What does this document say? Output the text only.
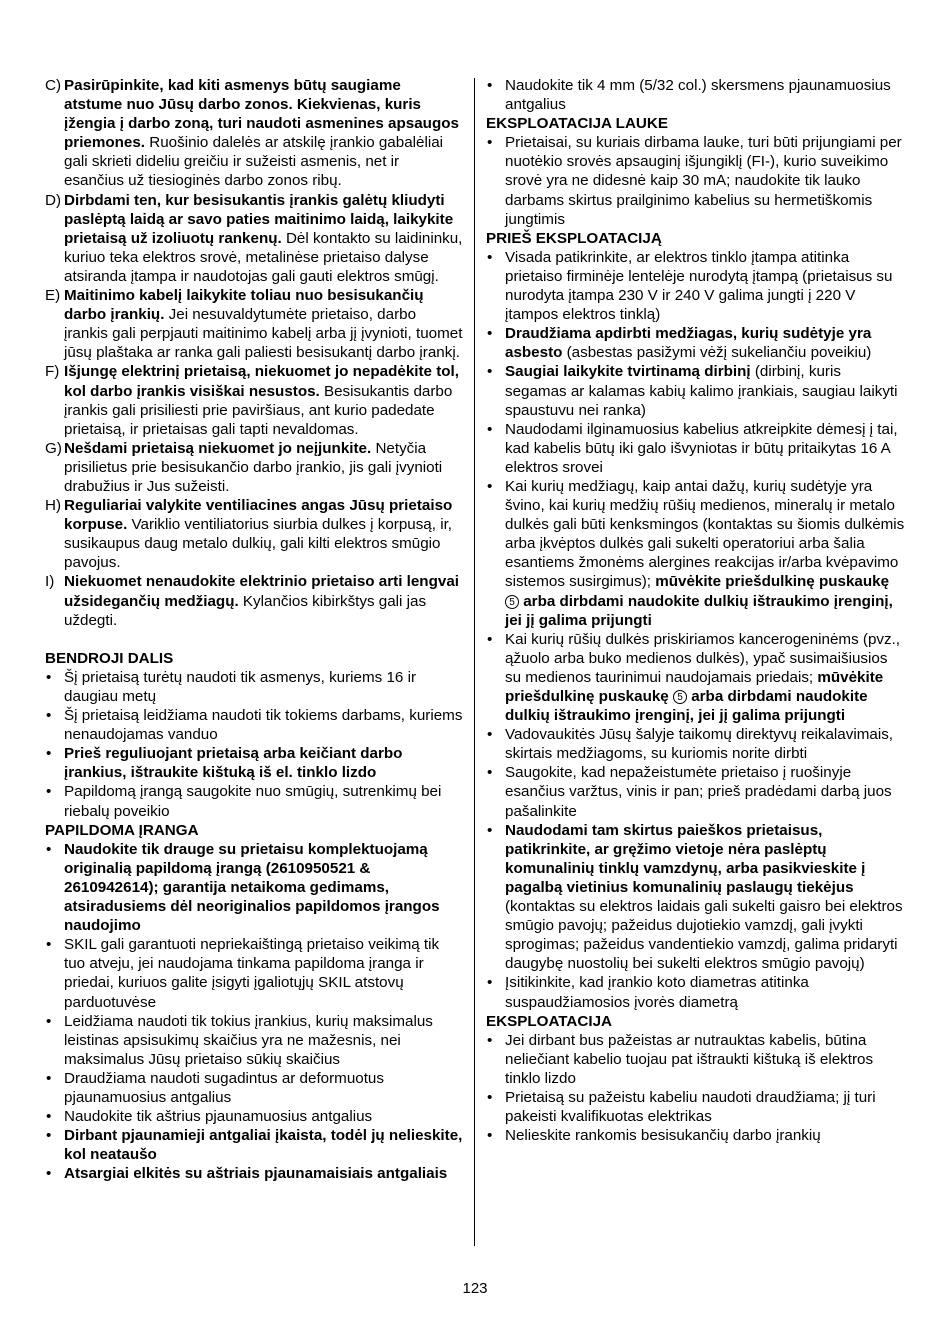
C) Pasirūpinkite, kad kiti asmenys būtų saugiame atstume nuo Jūsų darbo zonos. Kiekvienas, kuris įžengia į darbo zoną, turi naudoti asmenines apsaugos priemones. Ruošinio dalelės ar atskilę įrankio gabalėliai gali skrieti dideliu greičiu ir sužeisti asmenis, net ir esančius už tiesioginės darbo zonos ribų.
D) Dirbdami ten, kur besisukantis įrankis galėtų kliudyti paslėptą laidą ar savo paties maitinimo laidą, laikykite prietaisą už izoliuotų rankenų. Dėl kontakto su laidininku, kuriuo teka elektros srovė, metalinėse prietaiso dalyse atsiranda įtampa ir naudotojas gali gauti elektros smūgį.
E) Maitinimo kabelį laikykite toliau nuo besisukančių darbo įrankių. Jei nesuvaldytumėte prietaiso, darbo įrankis gali perpjauti maitinimo kabelį arba jį įvynioti, tuomet jūsų plaštaka ar ranka gali paliesti besisukantį darbo įrankį.
F) Išjungę elektrinį prietaisą, niekuomet jo nepadėkite tol, kol darbo įrankis visiškai nesustos. Besisukantis darbo įrankis gali prisiliesti prie paviršiaus, ant kurio padedate prietaisą, ir prietaisas gali tapti nevaldomas.
G) Nešdami prietaisą niekuomet jo neįjunkite. Netyčia prisilietus prie besisukančio darbo įrankio, jis gali įvynioti drabužius ir Jus sužeisti.
H) Reguliariai valykite ventiliacines angas Jūsų prietaiso korpuse. Variklio ventiliatorius siurbia dulkes į korpusą, ir, susikaupus daug metalo dulkių, gali kilti elektros smūgio pavojus.
I) Niekuomet nenaudokite elektrinio prietaiso arti lengvai užsidegančių medžiagų. Kylančios kibirkštys gali jas uždegti.
BENDROJI DALIS
• Šį prietaisą turėtų naudoti tik asmenys, kuriems 16 ir daugiau metų
• Šį prietaisą leidžiama naudoti tik tokiems darbams, kuriems nenaudojamas vanduo
• Prieš reguliuojant prietaisą arba keičiant darbo įrankius, ištraukite kištuką iš el. tinklo lizdo
• Papildomą įrangą saugokite nuo smūgių, sutrenkimų bei riebalų poveikio
PAPILDOMA ĮRANGA
• Naudokite tik drauge su prietaisu komplektuojamą originalią papildomą įrangą (2610950521 & 2610942614); garantija netaikoma gedimams, atsiradusiems dėl neoriginalios papildomos įrangos naudojimo
• SKIL gali garantuoti nepriekaištingą prietaiso veikimą tik tuo atveju, jei naudojama tinkama papildoma įranga ir priedai, kuriuos galite įsigyti įgaliotųjų SKIL atstovų parduotuvėse
• Leidžiama naudoti tik tokius įrankius, kurių maksimalus leistinas apsisukimų skaičius yra ne mažesnis, nei maksimalus Jūsų prietaiso sūkių skaičius
• Draudžiama naudoti sugadintus ar deformuotus pjaunamuosius antgalius
• Naudokite tik aštrius pjaunamuosius antgalius
• Dirbant pjaunamieji antgaliai įkaista, todėl jų nelieskite, kol neataušo
• Atsargiai elkitės su aštriais pjaunamaisiais antgaliais
• Naudokite tik 4 mm (5/32 col.) skersmens pjaunamuosius antgalius
EKSPLOATACIJA LAUKE
• Prietaisai, su kuriais dirbama lauke, turi būti prijungiami per nuotėkio srovės apsauginį išjungiklį (FI-), kurio suveikimo srovė yra ne didesnė kaip 30 mA; naudokite tik lauko darbams skirtus prailginimo kabelius su hermetiškomis jungtimis
PRIEŠ EKSPLOATACIJĄ
• Visada patikrinkite, ar elektros tinklo įtampa atitinka prietaiso firminėje lentelėje nurodytą įtampą (prietaisus su nurodyta įtampa 230 V ir 240 V galima jungti į 220 V įtampos elektros tinklą)
• Draudžiama apdirbti medžiagas, kurių sudėtyje yra asbesto (asbestas pasižymi vėžį sukeliančiu poveikiu)
• Saugiai laikykite tvirtinamą dirbinį (dirbinį, kuris segamas ar kalamas kabių kalimo įrankiais, saugiau laikyti spaustuvu nei ranka)
• Naudodami ilginamuosius kabelius atkreipkite dėmesį į tai, kad kabelis būtų iki galo išvyniotas ir būtų pritaikytas 16 A elektros srovei
• Kai kurių medžiagų, kaip antai dažų, kurių sudėtyje yra švino, kai kurių medžių rūšių medienos, mineralų ir metalo dulkės gali būti kenksmingos (kontaktas su šiomis dulkėmis arba įkvėptos dulkės gali sukelti operatoriui arba šalia esantiems žmonėms alergines reakcijas ir/arba kvėpavimo sistemos susirgimus); mūvėkite priešdulkinę puskaukę 5 arba dirbdami naudokite dulkių ištraukimo įrenginį, jei jį galima prijungti
• Kai kurių rūšių dulkės priskiriamos kancerogeninėms (pvz., ąžuolo arba buko medienos dulkės), ypač susimaišiusios su medienos taurinimui naudojamais priedais; mūvėkite priešdulkinę puskaukę 5 arba dirbdami naudokite dulkių ištraukimo įrenginį, jei jį galima prijungti
• Vadovaukitės Jūsų šalyje taikomų direktyvų reikalavimais, skirtais medžiagoms, su kuriomis norite dirbti
• Saugokite, kad nepažeistumėte prietaiso į ruošinyje esančius varžtus, vinis ir pan; prieš pradėdami darbą juos pašalinkite
• Naudodami tam skirtus paieškos prietaisus, patikrinkite, ar gręžimo vietoje nėra paslėptų komunalinių tinklų vamzdynų, arba pasikvieskite į pagalbą vietinius komunalinių paslaugų tiekėjus (kontaktas su elektros laidais gali sukelti gaisro bei elektros smūgio pavojų; pažeidus dujotiekio vamzdį, gali įvykti sprogimas; pažeidus vandentiekio vamzdį, galima pridaryti daugybę nuostolių bei sukelti elektros smūgio pavojų)
• Įsitikinkite, kad įrankio koto diametras atitinka suspaudžiamosios įvorės diametrą
EKSPLOATACIJA
• Jei dirbant bus pažeistas ar nutrauktas kabelis, būtina neliečiant kabelio tuojau pat ištraukti kištuką iš elektros tinklo lizdo
• Prietaisą su pažeistu kabeliu naudoti draudžiama; jį turi pakeisti kvalifikuotas elektrikas
• Nelieskite rankomis besisukančių darbo įrankių
123
